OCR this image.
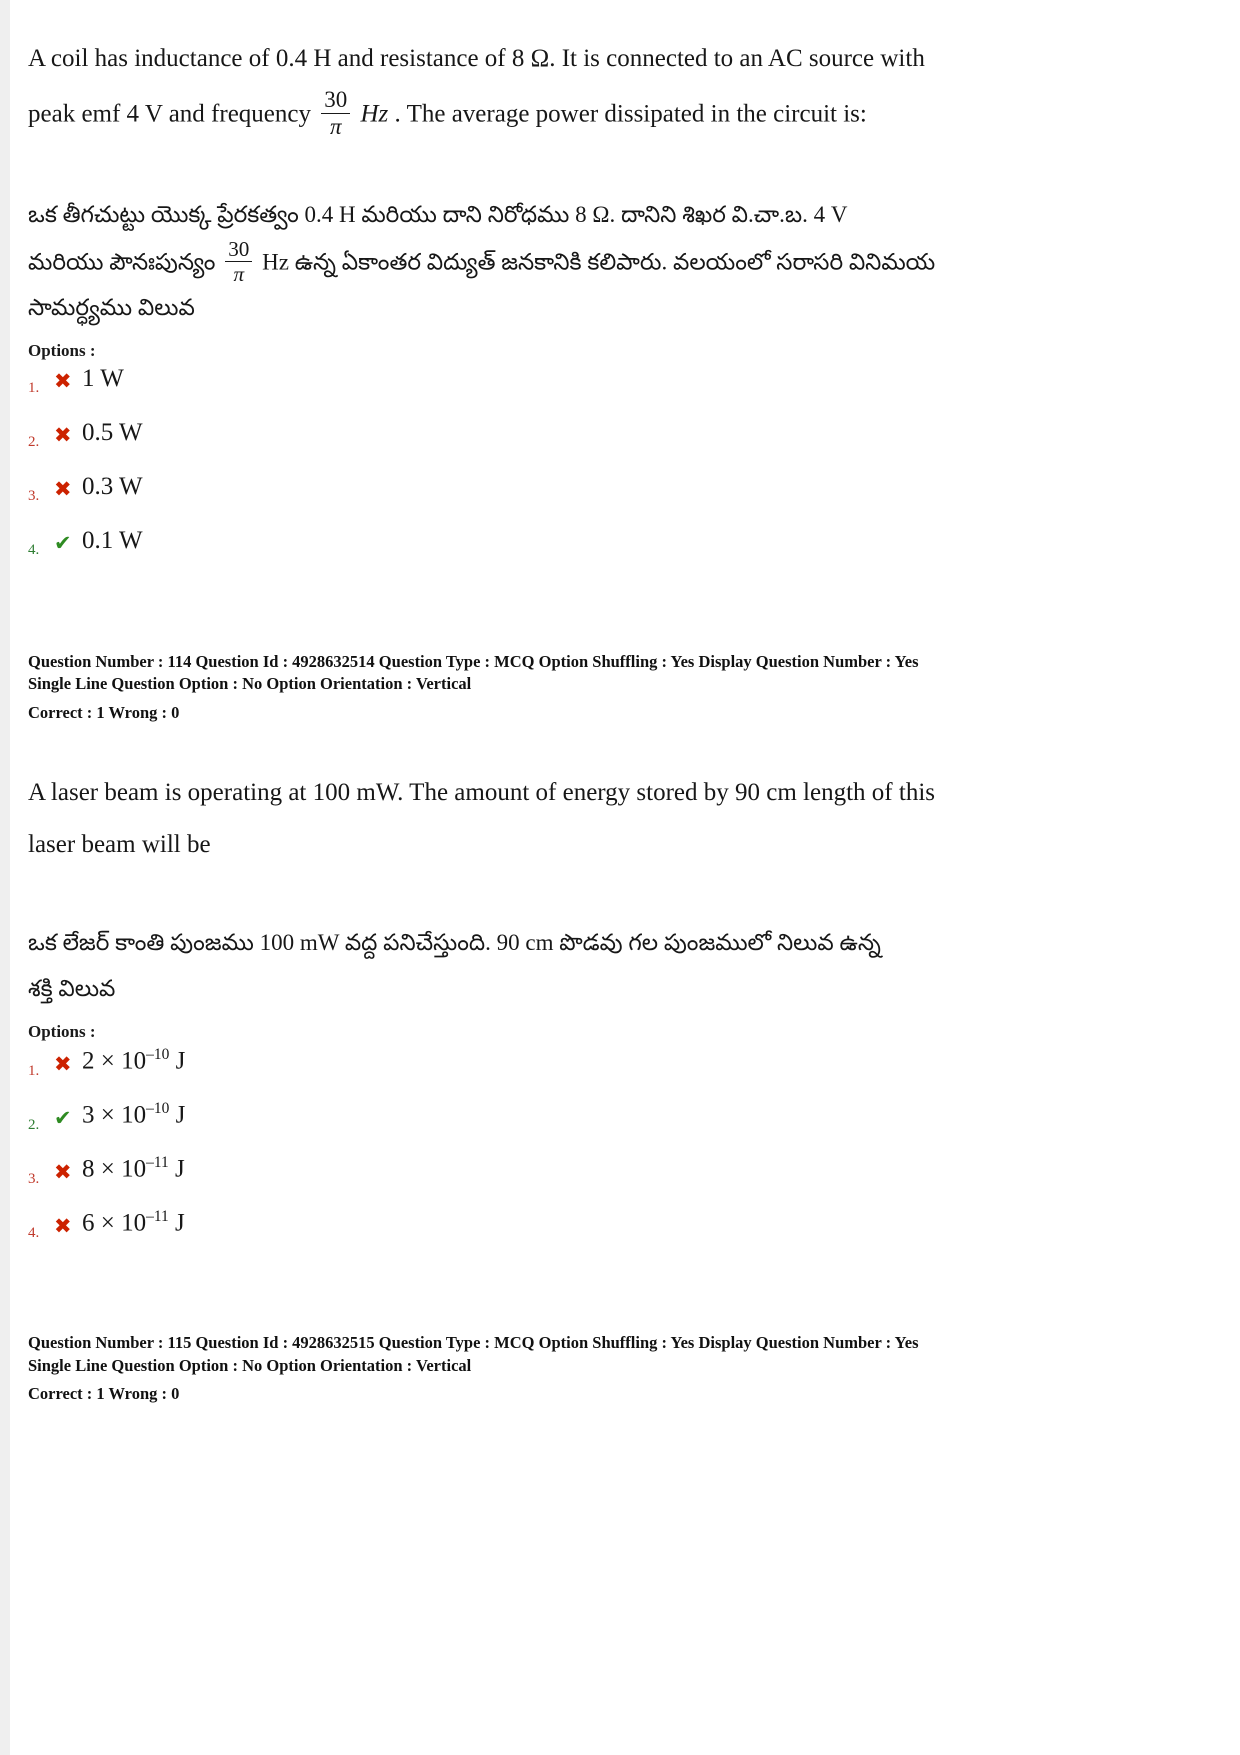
A coil has inductance of 0.4 H and resistance of 8 Ω. It is connected to an AC source with

peak emf 4 V and frequency $\frac{30}{\pi}$ Hz . The average power dissipated in the circuit is:

ఒక తీగచుట్టు యొక్క ప్రేరకత్వం 0.4 H మరియు దాని నిరోధము 8 Ω. దానిని శిఖర వి.చా.బ. 4 V

మరియు పౌనఃపున్యం $\frac{30}{\pi}$ Hz ఉన్న ఏకాంతర విద్యుత్ జనకానికి కలిపారు. వలయంలో సరాసరి వినిమయ

సామర్ధ్యము విలువ

Options :

1. ✖ 1 W
2. ✖ 0.5 W
3. ✖ 0.3 W
4. ✔ 0.1 W

Question Number : 114 Question Id : 4928632514 Question Type : MCQ Option Shuffling : Yes Display Question Number : Yes

Single Line Question Option : No Option Orientation : Vertical

Correct : 1 Wrong : 0

A laser beam is operating at 100 mW. The amount of energy stored by 90 cm length of this

laser beam will be

ఒక లేజర్ కాంతి పుంజము 100 mW వద్ద పనిచేస్తుంది. 90 cm పొడవు గల పుంజములో నిలువ ఉన్న

శక్తి విలువ

Options :

1. ✖ $2 \times 10^{-10}$ J
2. ✔ $3 \times 10^{-10}$ J
3. ✖ $8 \times 10^{-11}$ J
4. ✖ $6 \times 10^{-11}$ J

Question Number : 115 Question Id : 4928632515 Question Type : MCQ Option Shuffling : Yes Display Question Number : Yes

Single Line Question Option : No Option Orientation : Vertical

Correct : 1 Wrong : 0
